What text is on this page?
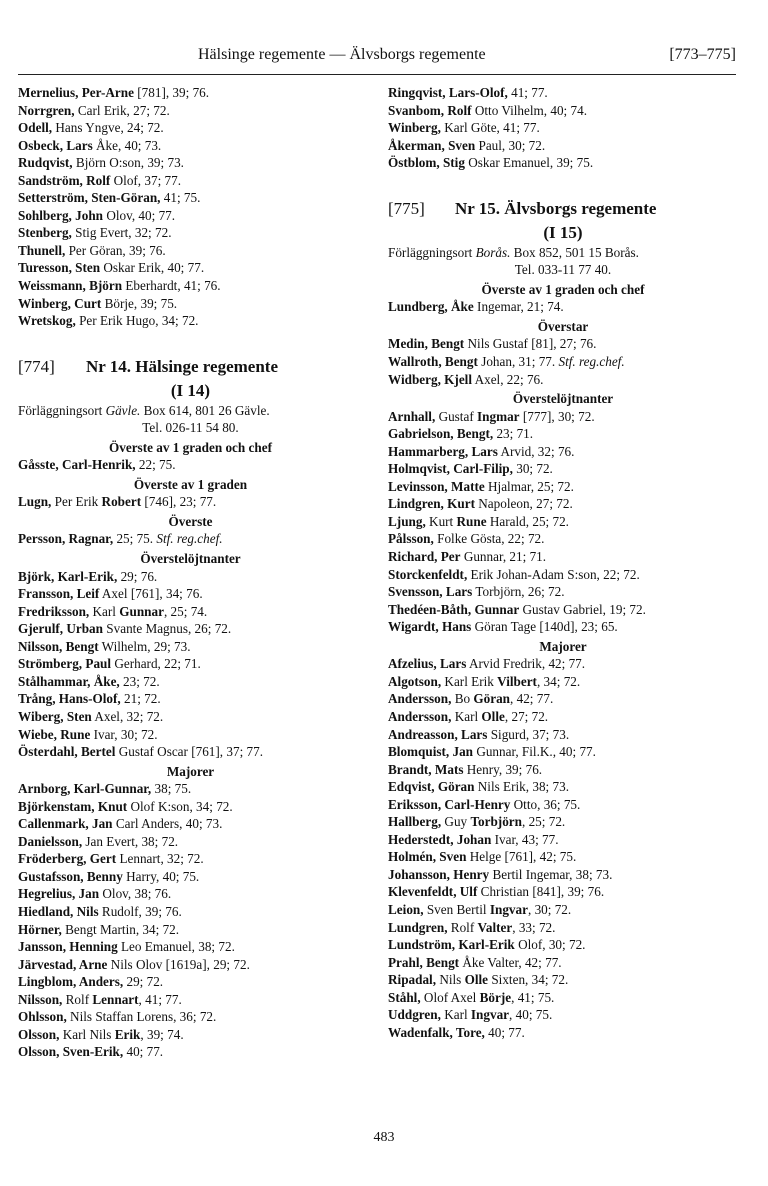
Hälsinge regemente — Älvsborgs regemente	[773–775]
Mernelius, Per-Arne [781], 39; 76.
Norrgren, Carl Erik, 27; 72.
Odell, Hans Yngve, 24; 72.
Osbeck, Lars Åke, 40; 73.
Rudqvist, Björn O:son, 39; 73.
Sandström, Rolf Olof, 37; 77.
Setterström, Sten-Göran, 41; 75.
Sohlberg, John Olov, 40; 77.
Stenberg, Stig Evert, 32; 72.
Thunell, Per Göran, 39; 76.
Turesson, Sten Oskar Erik, 40; 77.
Weissmann, Björn Eberhardt, 41; 76.
Winberg, Curt Börje, 39; 75.
Wretskog, Per Erik Hugo, 34; 72.
[774] Nr 14. Hälsinge regemente
(I 14)
Förläggningsort Gävle. Box 614, 801 26 Gävle.
Tel. 026-11 54 80.
Överste av 1 graden och chef
Gåsste, Carl-Henrik, 22; 75.
Överste av 1 graden
Lugn, Per Erik Robert [746], 23; 77.
Överste
Persson, Ragnar, 25; 75. Stf. reg.chef.
Överstelöjtnanter
Björk, Karl-Erik, 29; 76.
Fransson, Leif Axel [761], 34; 76.
Fredriksson, Karl Gunnar, 25; 74.
Gjerulf, Urban Svante Magnus, 26; 72.
Nilsson, Bengt Wilhelm, 29; 73.
Strömberg, Paul Gerhard, 22; 71.
Stålhammar, Åke, 23; 72.
Trång, Hans-Olof, 21; 72.
Wiberg, Sten Axel, 32; 72.
Wiebe, Rune Ivar, 30; 72.
Österdahl, Bertel Gustaf Oscar [761], 37; 77.
Majorer
Arnborg, Karl-Gunnar, 38; 75.
Björkenstam, Knut Olof K:son, 34; 72.
Callenmark, Jan Carl Anders, 40; 73.
Danielsson, Jan Evert, 38; 72.
Fröderberg, Gert Lennart, 32; 72.
Gustafsson, Benny Harry, 40; 75.
Hegrelius, Jan Olov, 38; 76.
Hiedland, Nils Rudolf, 39; 76.
Hörner, Bengt Martin, 34; 72.
Jansson, Henning Leo Emanuel, 38; 72.
Järvestad, Arne Nils Olov [1619a], 29; 72.
Lingblom, Anders, 29; 72.
Nilsson, Rolf Lennart, 41; 77.
Ohlsson, Nils Staffan Lorens, 36; 72.
Olsson, Karl Nils Erik, 39; 74.
Olsson, Sven-Erik, 40; 77.
Ringqvist, Lars-Olof, 41; 77.
Svanbom, Rolf Otto Vilhelm, 40; 74.
Winberg, Karl Göte, 41; 77.
Åkerman, Sven Paul, 30; 72.
Östblom, Stig Oskar Emanuel, 39; 75.
[775] Nr 15. Älvsborgs regemente
(I 15)
Förläggningsort Borås. Box 852, 501 15 Borås.
Tel. 033-11 77 40.
Överste av 1 graden och chef
Lundberg, Åke Ingemar, 21; 74.
Överstar
Medin, Bengt Nils Gustaf [81], 27; 76.
Wallroth, Bengt Johan, 31; 77. Stf. reg.chef.
Widberg, Kjell Axel, 22; 76.
Överstelöjtnanter
Arnhall, Gustaf Ingmar [777], 30; 72.
Gabrielson, Bengt, 23; 71.
Hammarberg, Lars Arvid, 32; 76.
Holmqvist, Carl-Filip, 30; 72.
Levinsson, Matte Hjalmar, 25; 72.
Lindgren, Kurt Napoleon, 27; 72.
Ljung, Kurt Rune Harald, 25; 72.
Pålsson, Folke Gösta, 22; 72.
Richard, Per Gunnar, 21; 71.
Storckenfeldt, Erik Johan-Adam S:son, 22; 72.
Svensson, Lars Torbjörn, 26; 72.
Thedéen-Båth, Gunnar Gustav Gabriel, 19; 72.
Wigardt, Hans Göran Tage [140d], 23; 65.
Majorer
Afzelius, Lars Arvid Fredrik, 42; 77.
Algotson, Karl Erik Vilbert, 34; 72.
Andersson, Bo Göran, 42; 77.
Andersson, Karl Olle, 27; 72.
Andreasson, Lars Sigurd, 37; 73.
Blomquist, Jan Gunnar, Fil.K., 40; 77.
Brandt, Mats Henry, 39; 76.
Edqvist, Göran Nils Erik, 38; 73.
Eriksson, Carl-Henry Otto, 36; 75.
Hallberg, Guy Torbjörn, 25; 72.
Hederstedt, Johan Ivar, 43; 77.
Holmén, Sven Helge [761], 42; 75.
Johansson, Henry Bertil Ingemar, 38; 73.
Klevenfeldt, Ulf Christian [841], 39; 76.
Leion, Sven Bertil Ingvar, 30; 72.
Lundgren, Rolf Valter, 33; 72.
Lundström, Karl-Erik Olof, 30; 72.
Prahl, Bengt Åke Valter, 42; 77.
Ripadal, Nils Olle Sixten, 34; 72.
Ståhl, Olof Axel Börje, 41; 75.
Uddgren, Karl Ingvar, 40; 75.
Wadenfalk, Tore, 40; 77.
483
